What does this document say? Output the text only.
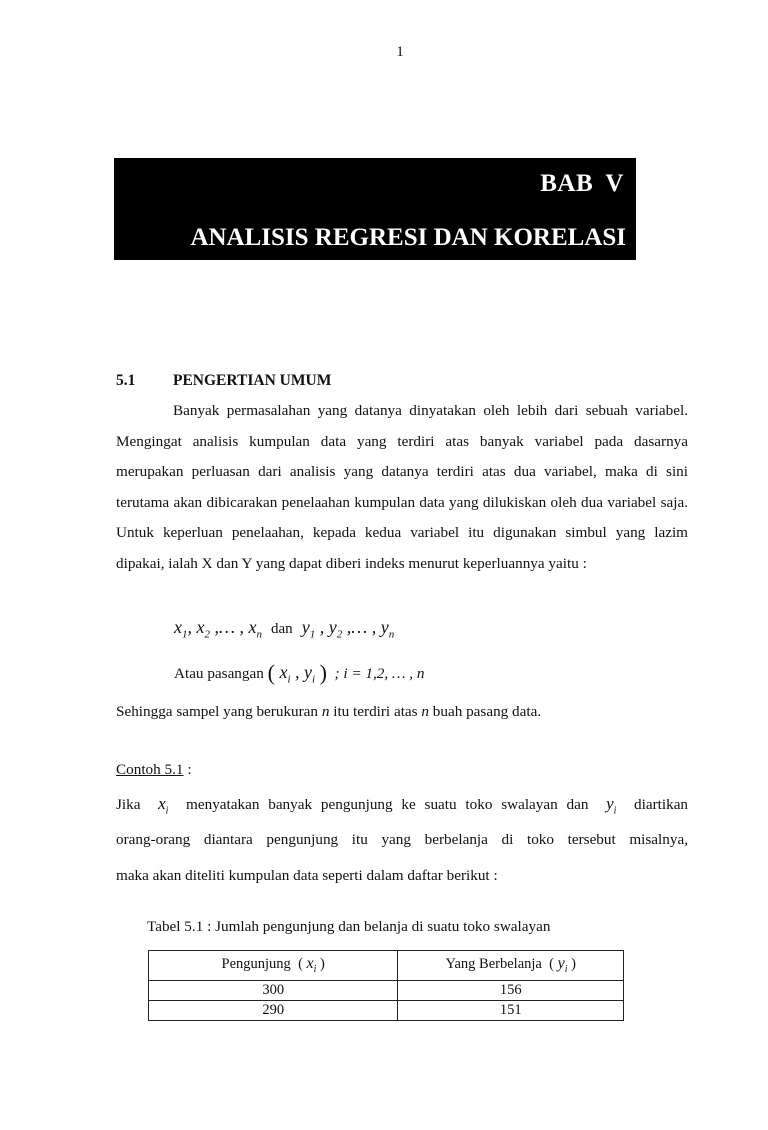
1
BAB V
ANALISIS REGRESI DAN KORELASI
5.1 PENGERTIAN UMUM
Banyak permasalahan yang datanya dinyatakan oleh lebih dari sebuah variabel. Mengingat analisis kumpulan data yang terdiri atas banyak variabel pada dasarnya merupakan perluasan dari analisis yang datanya terdiri atas dua variabel, maka di sini terutama akan dibicarakan penelaahan kumpulan data yang dilukiskan oleh dua variabel saja. Untuk keperluan penelaahan, kepada kedua variabel itu digunakan simbul yang lazim dipakai, ialah X dan Y yang dapat diberi indeks menurut keperluannya yaitu :
$x_1$, $x_2$ ,… , $x_n$ dan $y_1$ , $y_2$ ,… , $y_n$
Atau pasangan ( $x_i$ , $y_i$ ) ; i = 1,2, … , n
Sehingga sampel yang berukuran n itu terdiri atas n buah pasang data.
Contoh 5.1 :
Jika $x_i$ menyatakan banyak pengunjung ke suatu toko swalayan dan $y_i$ diartikan
orang-orang diantara pengunjung itu yang berbelanja di toko tersebut misalnya,
maka akan diteliti kumpulan data seperti dalam daftar berikut :
Tabel 5.1 : Jumlah pengunjung dan belanja di suatu toko swalayan
Pengunjung  ( $x_i$ )	Yang Berbelanja  ( $y_i$ )
300	156
290	151
